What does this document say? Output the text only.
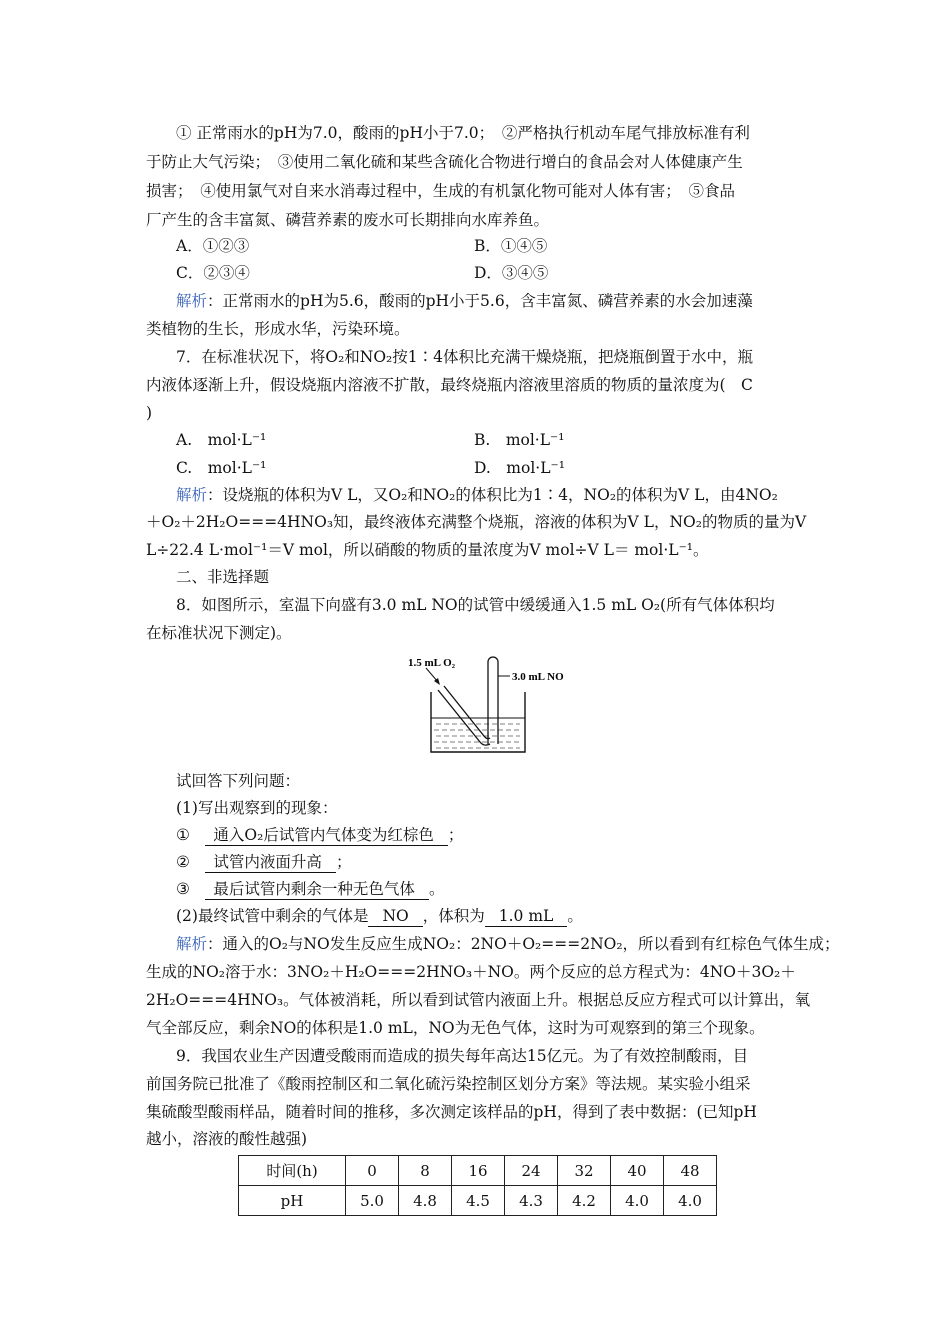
① 正常雨水的pH为7.0，酸雨的pH小于7.0；　②严格执行机动车尾气排放标准有利
于防止大气污染；　③使用二氧化硫和某些含硫化合物进行增白的食品会对人体健康产生
损害；　④使用氯气对自来水消毒过程中，生成的有机氯化物可能对人体有害；　⑤食品
厂产生的含丰富氮、磷营养素的废水可长期排向水库养鱼。
A．①②③	B．①④⑤
C．②③④	D．③④⑤
解析：正常雨水的pH为5.6，酸雨的pH小于5.6，含丰富氮、磷营养素的水会加速藻
类植物的生长，形成水华，污染环境。
7．在标准状况下，将O₂和NO₂按1∶4体积比充满干燥烧瓶，把烧瓶倒置于水中，瓶
内液体逐渐上升，假设烧瓶内溶液不扩散，最终烧瓶内溶液里溶质的物质的量浓度为(　C
)
A.　mol·L⁻¹	B.　mol·L⁻¹
C.　mol·L⁻¹	D.　mol·L⁻¹
解析：设烧瓶的体积为V L，又O₂和NO₂的体积比为1∶4，NO₂的体积为V L，由4NO₂
＋O₂＋2H₂O===4HNO₃知，最终液体充满整个烧瓶，溶液的体积为V L，NO₂的物质的量为V
L÷22.4 L·mol⁻¹＝V mol，所以硝酸的物质的量浓度为V mol÷V L＝ mol·L⁻¹。
二、非选择题
8．如图所示，室温下向盛有3.0 mL NO的试管中缓缓通入1.5 mL O₂(所有气体体积均
在标准状况下测定)。
1.5 mL O₂
3.0 mL NO
试回答下列问题：
(1)写出观察到的现象：
①　 通入O₂后试管内气体变为红棕色 ；
②　 试管内液面升高 ；
③　 最后试管内剩余一种无色气体 。
(2)最终试管中剩余的气体是 NO ，体积为 1.0 mL 。
解析：通入的O₂与NO发生反应生成NO₂：2NO＋O₂===2NO₂，所以看到有红棕色气体生成；
生成的NO₂溶于水：3NO₂＋H₂O===2HNO₃＋NO。两个反应的总方程式为：4NO＋3O₂＋
2H₂O===4HNO₃。气体被消耗，所以看到试管内液面上升。根据总反应方程式可以计算出，氧
气全部反应，剩余NO的体积是1.0 mL，NO为无色气体，这时为可观察到的第三个现象。
9．我国农业生产因遭受酸雨而造成的损失每年高达15亿元。为了有效控制酸雨，目
前国务院已批准了《酸雨控制区和二氧化硫污染控制区划分方案》等法规。某实验小组采
集硫酸型酸雨样品，随着时间的推移，多次测定该样品的pH，得到了表中数据：(已知pH
越小，溶液的酸性越强)
时间(h)	0	8	16	24	32	40	48
pH	5.0	4.8	4.5	4.3	4.2	4.0	4.0
